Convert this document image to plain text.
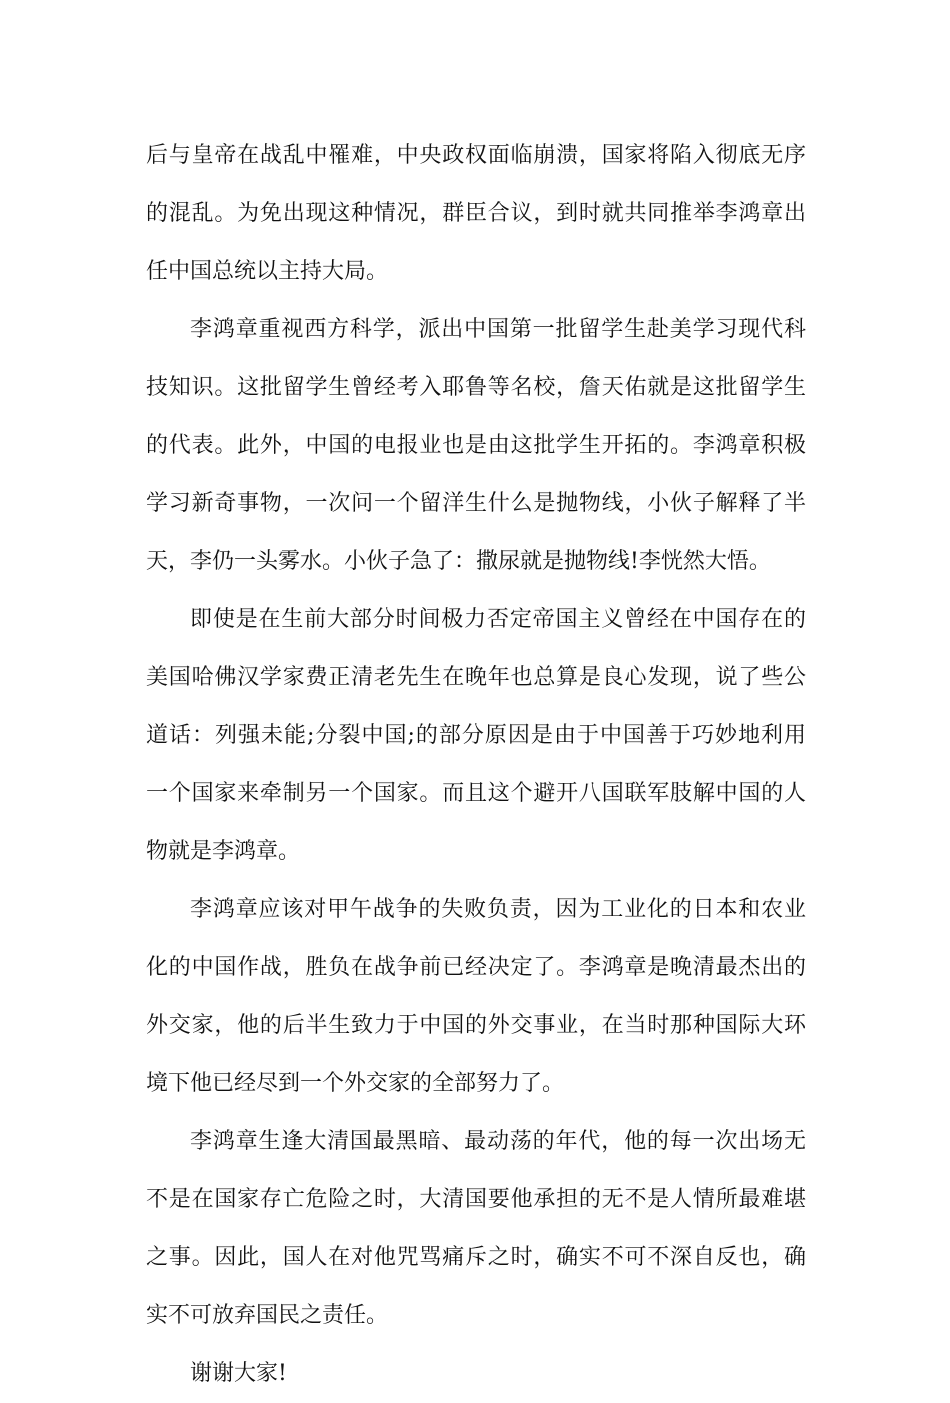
后与皇帝在战乱中罹难，中央政权面临崩溃，国家将陷入彻底无序
的混乱。为免出现这种情况，群臣合议，到时就共同推举李鸿章出
任中国总统以主持大局。
李鸿章重视西方科学，派出中国第一批留学生赴美学习现代科
技知识。这批留学生曾经考入耶鲁等名校，詹天佑就是这批留学生
的代表。此外，中国的电报业也是由这批学生开拓的。李鸿章积极
学习新奇事物，一次问一个留洋生什么是抛物线，小伙子解释了半
天，李仍一头雾水。小伙子急了：撒尿就是抛物线!李恍然大悟。
即使是在生前大部分时间极力否定帝国主义曾经在中国存在的
美国哈佛汉学家费正清老先生在晚年也总算是良心发现，说了些公
道话：列强未能;分裂中国;的部分原因是由于中国善于巧妙地利用
一个国家来牵制另一个国家。而且这个避开八国联军肢解中国的人
物就是李鸿章。
李鸿章应该对甲午战争的失败负责，因为工业化的日本和农业
化的中国作战，胜负在战争前已经决定了。李鸿章是晚清最杰出的
外交家，他的后半生致力于中国的外交事业，在当时那种国际大环
境下他已经尽到一个外交家的全部努力了。
李鸿章生逢大清国最黑暗、最动荡的年代，他的每一次出场无
不是在国家存亡危险之时，大清国要他承担的无不是人情所最难堪
之事。因此，国人在对他咒骂痛斥之时，确实不可不深自反也，确
实不可放弃国民之责任。
谢谢大家!
